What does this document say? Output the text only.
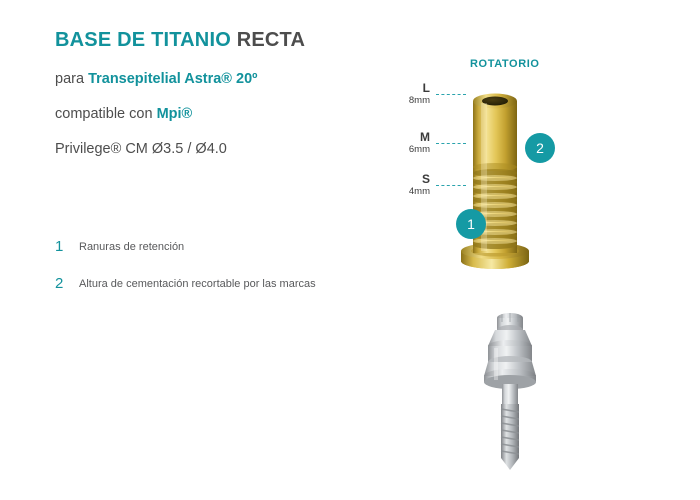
BASE DE TITANIO RECTA
para Transepitelial Astra® 20º
compatible con Mpi®
Privilege® CM Ø3.5 / Ø4.0
1	Ranuras de retención
2	Altura de cementación recortable por las marcas
ROTATORIO
L
8mm
M
6mm
S
4mm
1
2
